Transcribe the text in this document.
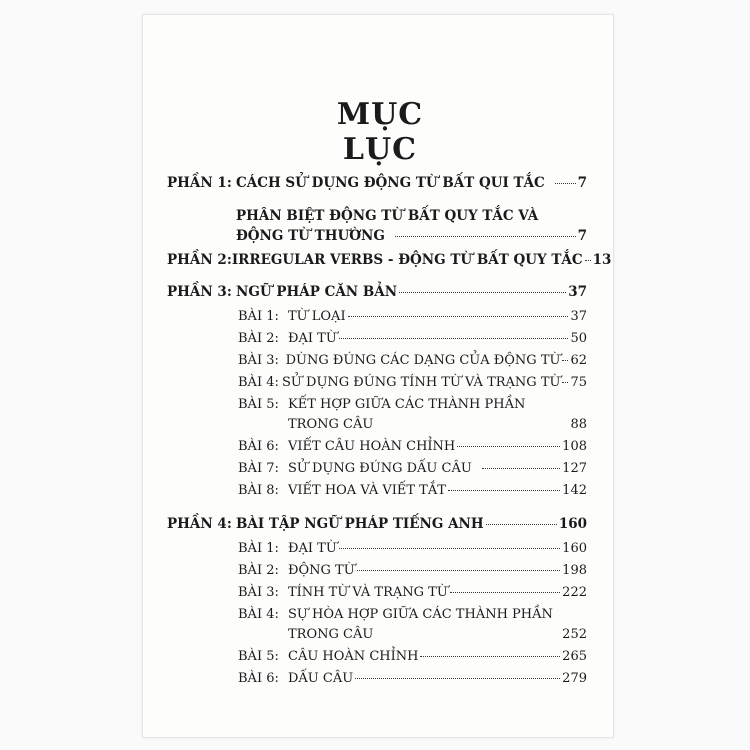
MỤC LỤC
PHẦN 1: CÁCH SỬ DỤNG ĐỘNG TỪ BẤT QUI TẮC 7
PHÂN BIỆT ĐỘNG TỪ BẤT QUY TẮC VÀ
ĐỘNG TỪ THƯỜNG	7
PHẦN 2: IRREGULAR VERBS - ĐỘNG TỪ BẤT QUY TẮC 13
PHẦN 3: NGỮ PHÁP CĂN BẢN	37
BÀI 1: TỪ LOẠI	37
BÀI 2: ĐẠI TỪ	50
BÀI 3: DÙNG ĐÚNG CÁC DẠNG CỦA ĐỘNG TỪ 62
BÀI 4: SỬ DỤNG ĐÚNG TÍNH TỪ VÀ TRẠNG TỪ 75
BÀI 5: KẾT HỢP GIỮA CÁC THÀNH PHẦN
TRONG CÂU	88
BÀI 6: VIẾT CÂU HOÀN CHỈNH	108
BÀI 7: SỬ DỤNG ĐÚNG DẤU CÂU	127
BÀI 8: VIẾT HOA VÀ VIẾT TẮT	142
PHẦN 4: BÀI TẬP NGỮ PHÁP TIẾNG ANH	160
BÀI 1: ĐẠI TỪ	160
BÀI 2: ĐỘNG TỪ	198
BÀI 3: TÍNH TỪ VÀ TRẠNG TỪ	222
BÀI 4: SỰ HÒA HỢP GIỮA CÁC THÀNH PHẦN
TRONG CÂU	252
BÀI 5: CÂU HOÀN CHỈNH	265
BÀI 6: DẤU CÂU	279
